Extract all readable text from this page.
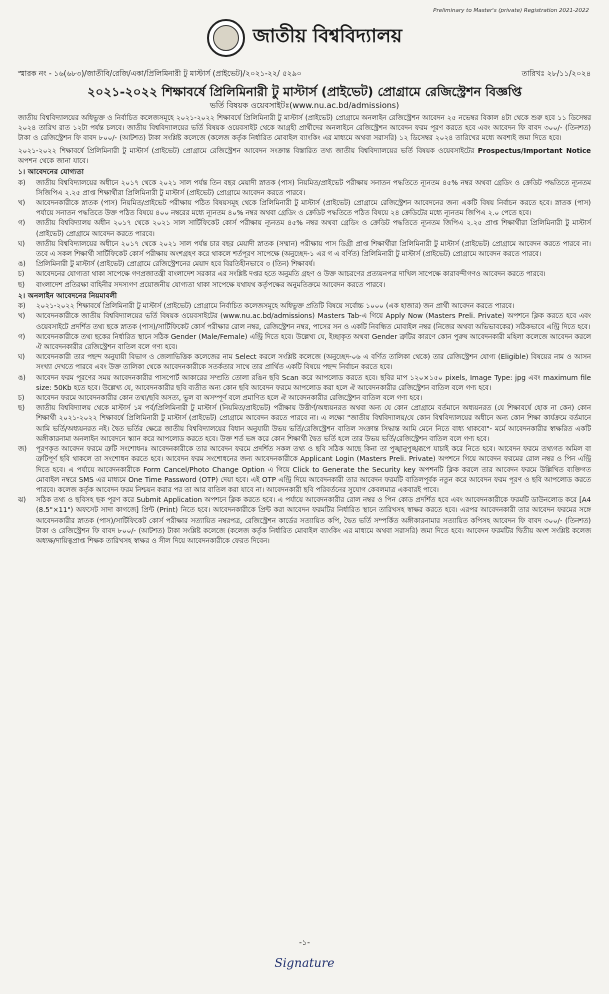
Preliminary to Master's (private) Registration 2021-2022
জাতীয় বিশ্ববিদ্যালয়
স্মারক নং - ১৬(৬৮৩)/জাতীবি/রেজি/একা/প্রিলিমিনারী টু মাস্টার্স (প্রাইভেট)/২০২১-২২/ ৫২৯০	তারিখঃ ২৮/১১/২০২৪
২০২১-২০২২ শিক্ষাবর্ষে প্রিলিমিনারী টু মাস্টার্স (প্রাইভেট) প্রোগ্রামে রেজিস্ট্রেশন বিজ্ঞপ্তি
ভর্তি বিষয়ক ওয়েবসাইটঃ(www.nu.ac.bd/admissions)
জাতীয় বিশ্ববিদ্যালয়ের অধিভুক্ত ও নির্বাচিত কলেজসমূহে ২০২১-২০২২ শিক্ষাবর্ষে প্রিলিমিনারী টু মাস্টার্স (প্রাইভেট) প্রোগ্রামে অনলাইন রেজিস্ট্রেশন আবেদন ২৫ নভেম্বর বিকাল ৪টা থেকে শুরু হবে ১১ ডিসেম্বর ২০২৪ তারিখ রাত ১২টা পর্যন্ত চলবে। জাতীয় বিশ্ববিদ্যালয়ের ভর্তি বিষয়ক ওয়েবসাইট থেকে আগ্রহী প্রার্থীদের অনলাইনে রেজিস্ট্রেশন আবেদন ফরম পূরণ করতে হবে এবং আবেদন ফি বাবদ ৩০০/- (তিনশত) টাকা ও রেজিস্ট্রেশন ফি বাবদ ৮০০/- (আটশত) টাকা সংশ্লিষ্ট কলেজে (কলেজ কর্তৃক নির্ধারিত মোবাইল ব্যাংকিং এর মাধ্যমে অথবা সরাসরি) ১২ ডিসেম্বর ২০২৪ তারিখের মধ্যে অবশ্যই জমা দিতে হবে।
২০২১-২০২২ শিক্ষাবর্ষে প্রিলিমিনারী টু মাস্টার্স (প্রাইভেট) প্রোগ্রামে রেজিস্ট্রেশন আবেদন সংক্রান্ত বিস্তারিত তথ্য জাতীয় বিশ্ববিদ্যালয়ের ভর্তি বিষয়ক ওয়েবসাইটের Prospectus/Important Notice অপশন থেকে জানা যাবে।
১। আবেদনের যোগ্যতা
ক)	জাতীয় বিশ্ববিদ্যালয়ের অধীনে ২০১৭ থেকে ২০২১ সাল পর্যন্ত তিন বছর মেয়াদী স্নাতক (পাস) নিয়মিত/প্রাইভেট পরীক্ষায় সনাতন পদ্ধতিতে ন্যূনতম ৪৫% নম্বর অথবা গ্রেডিং ও ক্রেডিট পদ্ধতিতে ন্যূনতম সিজিপিএ ২.২৫ প্রাপ্ত শিক্ষার্থীরা প্রিলিমিনারী টু মাস্টার্স (প্রাইভেট) প্রোগ্রামে আবেদন করতে পারবে।
খ)	আবেদনকারীকে স্নাতক (পাস) নিয়মিত/প্রাইভেট পরীক্ষায় পঠিত বিষয়সমূহ থেকে প্রিলিমিনারী টু মাস্টার্স (প্রাইভেট) প্রোগ্রামে রেজিস্ট্রেশন আবেদনের জন্য একটি বিষয় নির্বাচন করতে হবে। স্নাতক (পাস) পর্যায়ে সনাতন পদ্ধতিতে উক্ত পঠিত বিষয়ে ৪০০ নম্বরের মধ্যে ন্যূনতম ৪০% নম্বর অথবা গ্রেডিং ও ক্রেডিট পদ্ধতিতে পঠিত বিষয়ে ২৪ ক্রেডিটের মধ্যে ন্যূনতম জিপিএ ২.০ পেতে হবে।
গ)	জাতীয় বিশ্ববিদ্যালয় অধীন ২০১৭ থেকে ২০২১ সাল সার্টিফিকেট কোর্স পরীক্ষায় ন্যূনতম ৪৫% নম্বর অথবা গ্রেডিং ও ক্রেডিট পদ্ধতিতে ন্যূনতম জিপিএ ২.২৫ প্রাপ্ত শিক্ষার্থীরা প্রিলিমিনারী টু মাস্টার্স (প্রাইভেট) প্রোগ্রামে আবেদন করতে পারবে।
ঘ)	জাতীয় বিশ্ববিদ্যালয়ের অধীনে ২০১৭ থেকে ২০২১ সাল পর্যন্ত চার বছর মেয়াদী স্নাতক (সম্মান) পরীক্ষায় পাস ডিগ্রী প্রাপ্ত শিক্ষার্থীরা প্রিলিমিনারী টু মাস্টার্স (প্রাইভেট) প্রোগ্রামে আবেদন করতে পারবে না। তবে এ সকল শিক্ষার্থী সার্টিফিকেট কোর্স পরীক্ষায় অংশগ্রহণ করে থাকলে শর্তপূরণ সাপেক্ষে (অনুচ্ছেদ-১ এর গ এ বর্ণিত) প্রিলিমিনারী টু মাস্টার্স (প্রাইভেট) প্রোগ্রামে আবেদন করতে পারবে।
ঙ)	প্রিলিমিনারী টু মাস্টার্স (প্রাইভেট) প্রোগ্রামে রেজিস্ট্রেশনের মেয়াদ হবে বিরতিহীনভাবে ৩ (তিন) শিক্ষাবর্ষ।
চ)	আবেদনের যোগ্যতা থাকা সাপেক্ষে গণপ্রজাতন্ত্রী বাংলাদেশ সরকার এর সংশ্লিষ্ট দপ্তর হতে অনুমতি গ্রহণ ও উক্ত আচরণের প্রত্যয়নপত্র দাখিল সাপেক্ষে কারাবন্দীগণও আবেদন করতে পারবে।
ছ)	বাংলাদেশ প্রতিরক্ষা বাহিনীর সদস্যগণ প্রয়োজনীয় যোগ্যতা থাকা সাপেক্ষে যথাযথ কর্তৃপক্ষের অনুমতিক্রমে আবেদন করতে পারবে।
২। অনলাইন আবেদনের নিয়মাবলী
ক)	২০২১-২০২২ শিক্ষাবর্ষে প্রিলিমিনারী টু মাস্টার্স (প্রাইভেট) প্রোগ্রামে নির্বাচিত কলেজসমূহে অধিভুক্ত প্রতিটি বিষয়ে সর্বোচ্চ ১০০০ (এক হাজার) জন প্রার্থী আবেদন করতে পারবে।
খ)	আবেদনকারীকে জাতীয় বিশ্ববিদ্যালয়ের ভর্তি বিষয়ক ওয়েবসাইটের (www.nu.ac.bd/admissions) Masters Tab-এ গিয়ে Apply Now (Masters Preli. Private) অপশনে ক্লিক করতে হবে এবং ওয়েবসাইটে প্রদর্শিত তথ্য ছকে স্নাতক (পাস)/সার্টিফিকেট কোর্স পরীক্ষার রোল নম্বর, রেজিস্ট্রেশন নম্বর, পাসের সন ও একটি নিবন্ধিত মোবাইল নম্বর (নিজের অথবা অভিভাবকের) সঠিকভাবে এন্ট্রি দিতে হবে।
গ)	আবেদনকারীকে তথ্য ছকের নির্ধারিত স্থানে সঠিক Gender (Male/Female) এন্ট্রি দিতে হবে। উল্লেখ্য যে, ইচ্ছাকৃত অথবা Gender ত্রুটির কারণে কোন পুরুষ আবেদনকারী মহিলা কলেজে আবেদন করলে ঐ আবেদনকারীর রেজিস্ট্রেশন বাতিল বলে গণ্য হবে।
ঘ)	আবেদনকারী তার পছন্দ অনুযায়ী বিভাগ ও জেলাভিত্তিক কলেজের নাম Select করলে সংশ্লিষ্ট কলেজে (অনুচ্ছেদ-০৬ এ বর্ণিত তালিকা থেকে) তার রেজিস্ট্রেশন যোগ্য (Eligible) বিষয়ের নাম ও আসন সংখ্যা দেখতে পারবে এবং উক্ত তালিকা থেকে আবেদনকারীকে সতর্কতার সাথে তার প্রার্থিত একটি বিষয়ে পছন্দ নির্বাচন করতে হবে।
ঙ)	আবেদন ফরম পূরণের সময় আবেদনকারীর পাসপোর্ট আকারের সম্প্রতি তোলা রঙিন ছবি Scan করে আপলোড করতে হবে। ছবির মাপ ১২০×১৫০ pixels, Image Type: jpg এবং maximum file size: 50Kb হতে হবে। উল্লেখ্য যে, আবেদনকারীর ছবি ব্যতীত অন্য কোন ছবি আবেদন ফরমে আপলোড করা হলে ঐ আবেদনকারীর রেজিস্ট্রেশন বাতিল বলে গণ্য হবে।
চ)	আবেদন ফরমে আবেদনকারীর কোন তথ্য/ছবি অসত্য, ভুল বা অসম্পূর্ণ বলে প্রমাণিত হলে ঐ আবেদনকারীর রেজিস্ট্রেশন বাতিল বলে গণ্য হবে।
ছ)	জাতীয় বিশ্ববিদ্যালয় থেকে মাস্টার্স ১ম পর্ব/প্রিলিমিনারী টু মাস্টার্স (নিয়মিত/প্রাইভেট) পরীক্ষায় উত্তীর্ণ/অধ্যয়নরত অথবা অন্য যে কোন প্রোগ্রামে বর্তমানে অধ্যয়নরত (যে শিক্ষাবর্ষে হোক না কেন) কোন শিক্ষার্থী ২০২১-২০২২ শিক্ষাবর্ষে প্রিলিমিনারী টু মাস্টার্স (প্রাইভেট) প্রোগ্রামে আবেদন করতে পারবে না। এ লক্ষ্যে "জাতীয় বিশ্ববিদ্যালয়/যে কোন বিশ্ববিদ্যালয়ের অধীনে অন্য কোন শিক্ষা কার্যক্রমে বর্তমানে আমি ভর্তি/অধ্যয়নরত নই। দ্বৈত ভর্তির ক্ষেত্রে জাতীয় বিশ্ববিদ্যালয়ের বিধান অনুযায়ী উভয় ভর্তি/রেজিস্ট্রেশন বাতিল সংক্রান্ত সিদ্ধান্ত আমি মেনে নিতে বাধ্য থাকবো"- মর্মে আবেদনকারীর স্বাক্ষরিত একটি অঙ্গীকারনামা অনলাইন আবেদনে স্ক্যান করে আপলোড করতে হবে। উক্ত শর্ত ভঙ্গ করে কোন শিক্ষার্থী দ্বৈত ভর্তি হলে তার উভয় ভর্তি/রেজিস্ট্রেশন বাতিল বলে গণ্য হবে।
জ)	পূরণকৃত আবেদন ফরমে ত্রুটি সংশোধনঃ আবেদনকারীকে তার আবেদন ফরমে প্রদর্শিত সকল তথ্য ও ছবি সঠিক আছে কিনা তা পুঙ্খানুপুঙ্খরূপে যাচাই করে নিতে হবে। আবেদন ফরমে তথ্যগত অমিল বা ত্রুটিপূর্ণ ছবি থাকলে তা সংশোধন করতে হবে। আবেদন ফরম সংশোধনের জন্য আবেদনকারীকে Applicant Login (Masters Preli. Private) অপশনে গিয়ে আবেদন ফরমের রোল নম্বর ও পিন এন্ট্রি দিতে হবে। এ পর্যায়ে আবেদনকারীকে Form Cancel/Photo Change Option এ গিয়ে Click to Generate the Security key অপশনটি ক্লিক করলে তার আবেদন ফরমে উল্লিখিত ব্যক্তিগত মোবাইল নম্বরে SMS এর মাধ্যমে One Time Password (OTP) দেয়া হবে। এই OTP এন্ট্রি দিয়ে আবেদনকারী তার আবেদন ফরমটি বাতিলপূর্বক নতুন করে আবেদন ফরম পূরণ ও ছবি আপলোড করতে পারবে। কলেজ কর্তৃক আবেদন ফরম নিশ্চয়ন করার পর তা আর বাতিল করা যাবে না। আবেদনকারী ছবি পরিবর্তনের সুযোগ কেবলমাত্র একবারই পাবে।
ঝ)	সঠিক তথ্য ও ছবিসহ ছক পূরণ করে Submit Application অপশনে ক্লিক করতে হবে। এ পর্যায়ে আবেদনকারীর রোল নম্বর ও পিন কোড প্রদর্শিত হবে এবং আবেদনকারীকে ফরমটি ডাউনলোড করে [A4 (8.5"×11") অফসেট সাদা কাগজে] প্রিন্ট (Print) নিতে হবে। আবেদনকারীকে প্রিন্ট করা আবেদন ফরমটির নির্ধারিত স্থানে তারিখসহ স্বাক্ষর করতে হবে। এরপর আবেদনকারী তার আবেদন ফরমের সঙ্গে আবেদনকারীর স্নাতক (পাস)/সার্টিফিকেট কোর্স পরীক্ষার সত্যায়িত নম্বরপত্র, রেজিস্ট্রেশন কার্ডের সত্যায়িত কপি, দ্বৈত ভর্তি সম্পর্কিত অঙ্গীকারনামার সত্যায়িত কপিসহ আবেদন ফি বাবদ ৩০০/- (তিনশত) টাকা ও রেজিস্ট্রেশন ফি বাবদ ৮০০/- (আটশত) টাকা সংশ্লিষ্ট কলেজে (কলেজ কর্তৃক নির্ধারিত মোবাইল ব্যাংকিং এর মাধ্যমে অথবা সরাসরি) জমা দিতে হবে। আবেদন ফরমটির দ্বিতীয় অংশ সংশ্লিষ্ট কলেজ অধ্যক্ষ/দায়িত্বপ্রাপ্ত শিক্ষক তারিখসহ স্বাক্ষর ও সীল দিয়ে আবেদনকারীকে ফেরত দিবেন।
-১-
Signature
